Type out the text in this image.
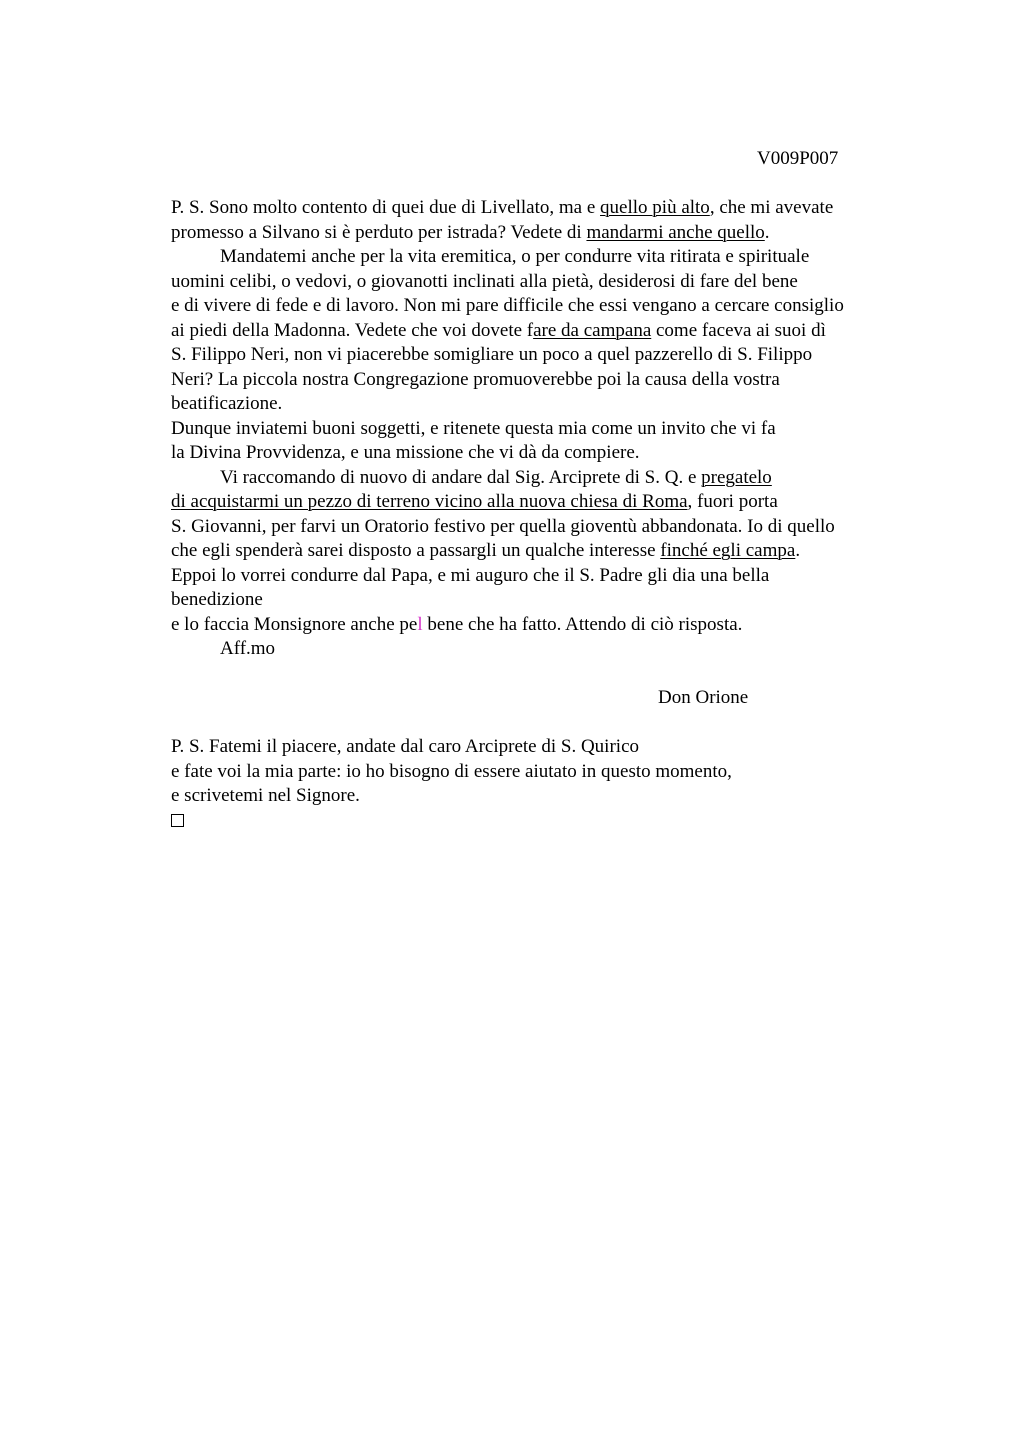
V009P007
P. S. Sono molto contento di quei due di Livellato, ma e quello più alto, che mi avevate
promesso a Silvano si è perduto per istrada? Vedete di mandarmi anche quello.
Mandatemi anche per la vita eremitica, o per condurre vita ritirata e spirituale
uomini celibi, o vedovi, o giovanotti inclinati alla pietà, desiderosi di fare del bene
e di vivere di fede e di lavoro. Non mi pare difficile che essi vengano a cercare consiglio
ai piedi della Madonna. Vedete che voi dovete fare da campana come faceva ai suoi dì
S. Filippo Neri, non vi piacerebbe somigliare un poco a quel pazzerello di S. Filippo
Neri? La piccola nostra Congregazione promuoverebbe poi la causa della vostra
beatificazione.
Dunque inviatemi buoni soggetti, e ritenete questa mia come un invito che vi fa
la Divina Provvidenza, e una missione che vi dà da compiere.
Vi raccomando di nuovo di andare dal Sig. Arciprete di S. Q. e pregatelo
di acquistarmi un pezzo di terreno vicino alla nuova chiesa di Roma, fuori porta
S. Giovanni, per farvi un Oratorio festivo per quella gioventù abbandonata. Io di quello
che egli spenderà sarei disposto a passargli un qualche interesse finché egli campa.
Eppoi lo vorrei condurre dal Papa, e mi auguro che il S. Padre gli dia una bella
benedizione
e lo faccia Monsignore anche pel bene che ha fatto. Attendo di ciò risposta.
Aff.mo
Don Orione
P. S. Fatemi il piacere, andate dal caro Arciprete di S. Quirico
e fate voi la mia parte: io ho bisogno di essere aiutato in questo momento,
e scrivetemi nel Signore.
